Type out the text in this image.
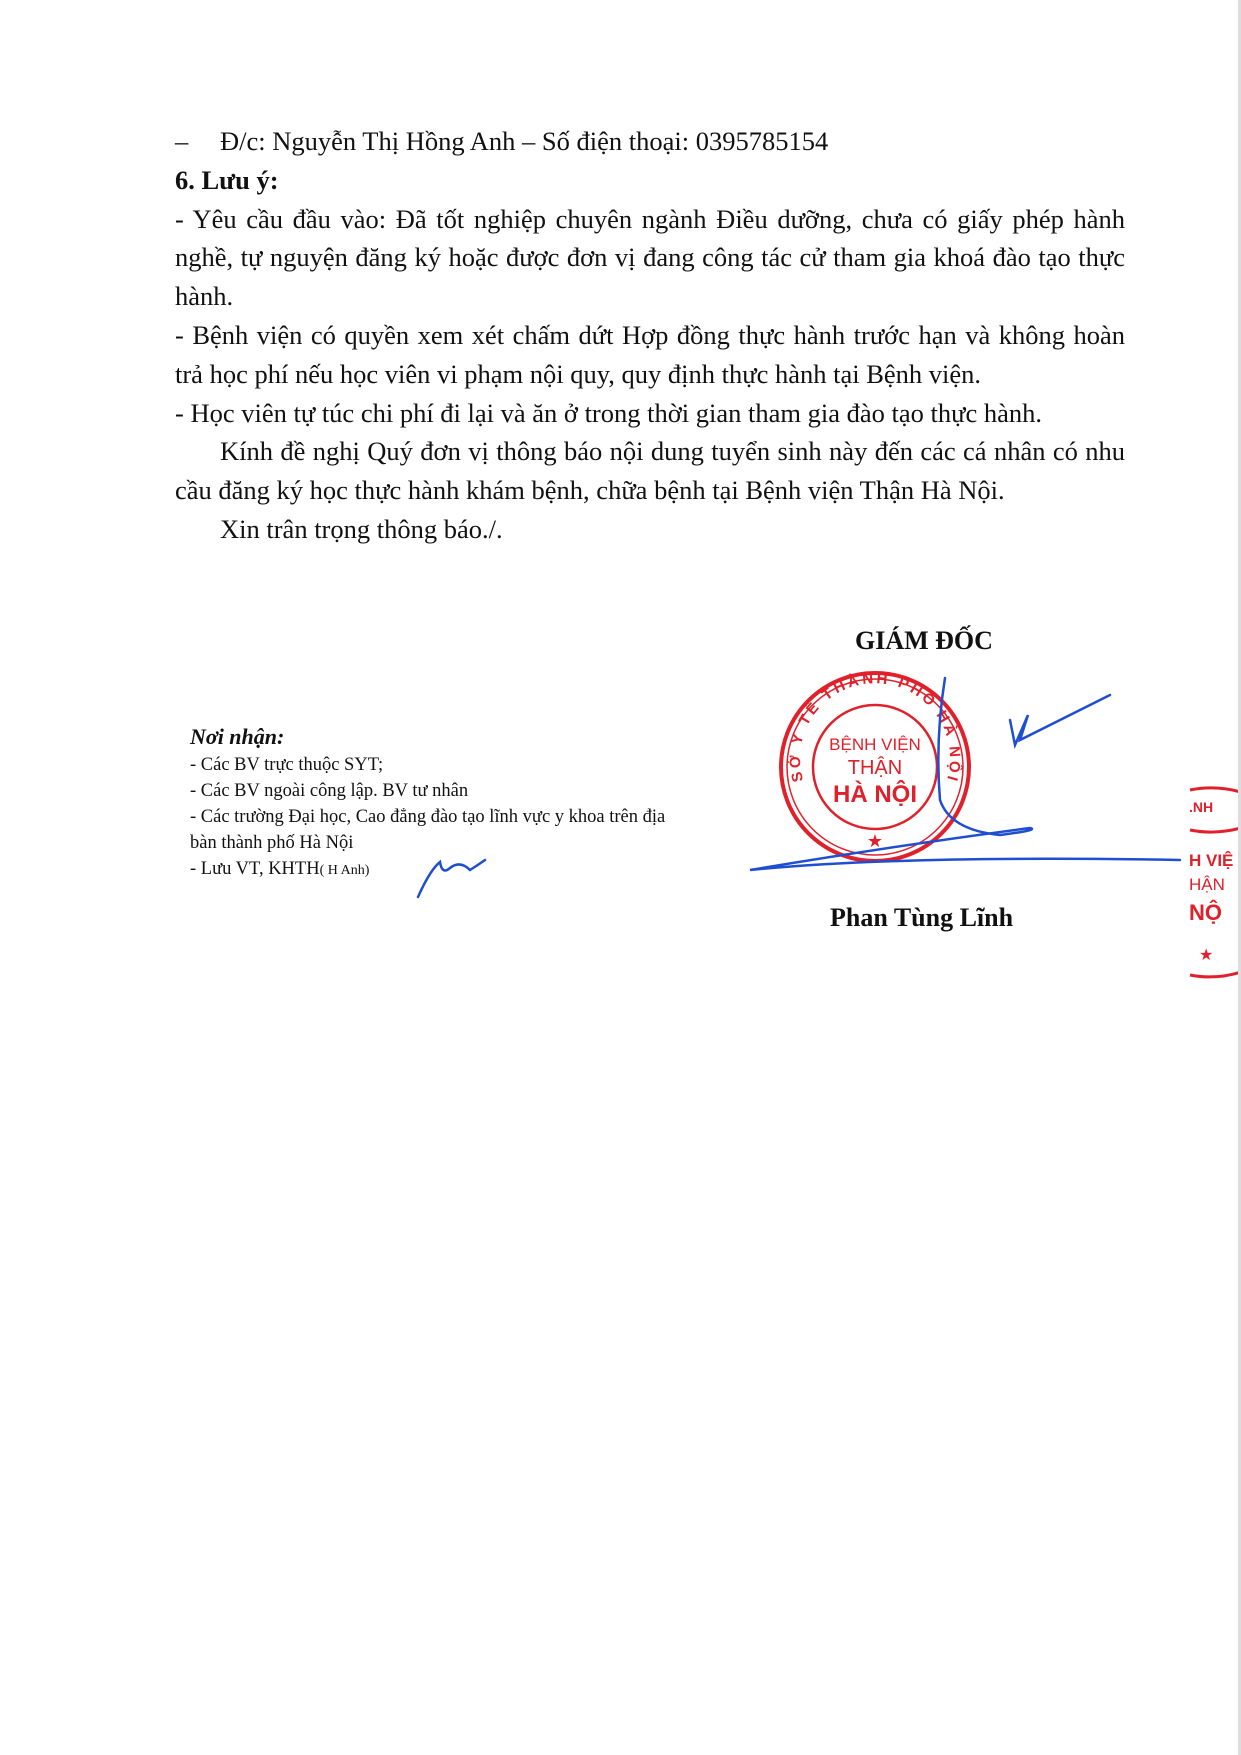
– Đ/c: Nguyễn Thị Hồng Anh – Số điện thoại: 0395785154

6. Lưu ý:

- Yêu cầu đầu vào: Đã tốt nghiệp chuyên ngành Điều dưỡng, chưa có giấy phép hành nghề, tự nguyện đăng ký hoặc được đơn vị đang công tác cử tham gia khoá đào tạo thực hành.

- Bệnh viện có quyền xem xét chấm dứt Hợp đồng thực hành trước hạn và không hoàn trả học phí nếu học viên vi phạm nội quy, quy định thực hành tại Bệnh viện.

- Học viên tự túc chi phí đi lại và ăn ở trong thời gian tham gia đào tạo thực hành.

Kính đề nghị Quý đơn vị thông báo nội dung tuyển sinh này đến các cá nhân có nhu cầu đăng ký học thực hành khám bệnh, chữa bệnh tại Bệnh viện Thận Hà Nội.

Xin trân trọng thông báo./.

Nơi nhận:
- Các BV trực thuộc SYT;
- Các BV ngoài công lập. BV tư nhân
- Các trường Đại học, Cao đẳng đào tạo lĩnh vực y khoa trên địa bàn thành phố Hà Nội
- Lưu VT, KHTH( H Anh)
SỞ Y TẾ THÀNH PHỐ HÀ NỘI
BỆNH VIỆN
THẬN
HÀ NỘI
★
.NH
H VIỆ
HẬN
NỘ
★
GIÁM ĐỐC
Phan Tùng Lĩnh
